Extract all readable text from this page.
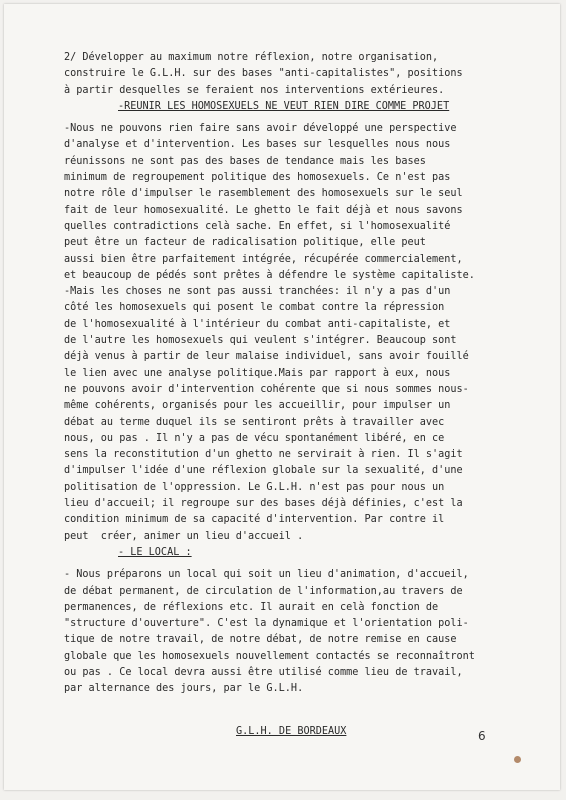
2/ Développer au maximum notre réflexion, notre organisation,
construire le G.L.H. sur des bases "anti-capitalistes", positions
à partir desquelles se feraient nos interventions extérieures.
-REUNIR LES HOMOSEXUELS NE VEUT RIEN DIRE COMME PROJET
-Nous ne pouvons rien faire sans avoir développé une perspective
d'analyse et d'intervention. Les bases sur lesquelles nous nous
réunissons ne sont pas des bases de tendance mais les bases
minimum de regroupement politique des homosexuels. Ce n'est pas
notre rôle d'impulser le rasemblement des homosexuels sur le seul
fait de leur homosexualité. Le ghetto le fait déjà et nous savons
quelles contradictions celà sache. En effet, si l'homosexualité
peut être un facteur de radicalisation politique, elle peut
aussi bien être parfaitement intégrée, récupérée commercialement,
et beaucoup de pédés sont prêtes à défendre le système capitaliste.
-Mais les choses ne sont pas aussi tranchées: il n'y a pas d'un
côté les homosexuels qui posent le combat contre la répression
de l'homosexualité à l'intérieur du combat anti-capitaliste, et
de l'autre les homosexuels qui veulent s'intégrer. Beaucoup sont
déjà venus à partir de leur malaise individuel, sans avoir fouillé
le lien avec une analyse politique.Mais par rapport à eux, nous
ne pouvons avoir d'intervention cohérente que si nous sommes nous-
même cohérents, organisés pour les accueillir, pour impulser un
débat au terme duquel ils se sentiront prêts à travailler avec
nous, ou pas . Il n'y a pas de vécu spontanément libéré, en ce
sens la reconstitution d'un ghetto ne servirait à rien. Il s'agit
d'impulser l'idée d'une réflexion globale sur la sexualité, d'une
politisation de l'oppression. Le G.L.H. n'est pas pour nous un
lieu d'accueil; il regroupe sur des bases déjà définies, c'est la
condition minimum de sa capacité d'intervention. Par contre il
peut  créer, animer un lieu d'accueil .
- LE LOCAL :
- Nous préparons un local qui soit un lieu d'animation, d'accueil,
de débat permanent, de circulation de l'information,au travers de
permanences, de réflexions etc. Il aurait en celà fonction de
"structure d'ouverture". C'est la dynamique et l'orientation poli-
tique de notre travail, de notre débat, de notre remise en cause
globale que les homosexuels nouvellement contactés se reconnaîtront
ou pas . Ce local devra aussi être utilisé comme lieu de travail,
par alternance des jours, par le G.L.H.
G.L.H. DE BORDEAUX	6
